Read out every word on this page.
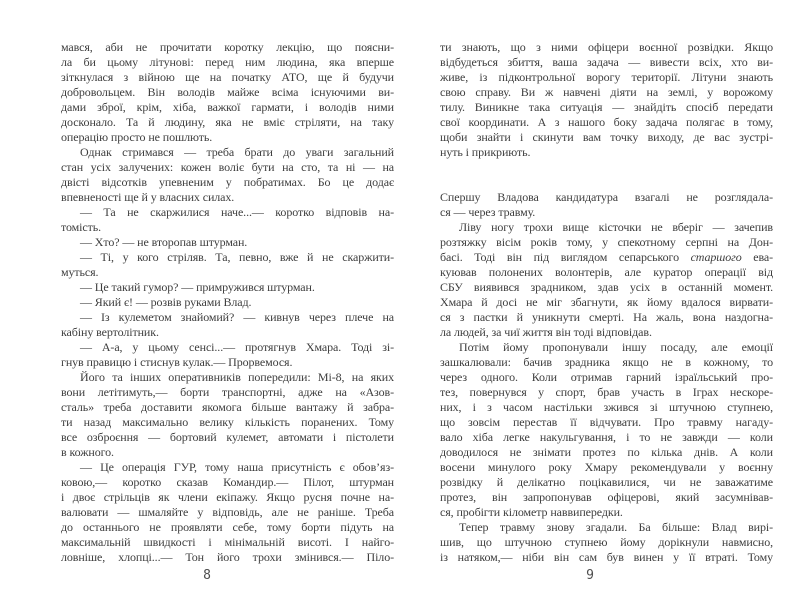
мався, аби не прочитати коротку лекцію, що поясни-
ла би цьому літунові: перед ним людина, яка вперше
зіткнулася з війною ще на початку АТО, ще й будучи
добровольцем. Він володів майже всіма існуючими ви-
дами зброї, крім, хіба, важкої гармати, і володів ними
досконало. Та й людину, яка не вміє стріляти, на таку
операцію просто не пошлють.
Однак стримався — треба брати до уваги загальний
стан усіх залучених: кожен воліє бути на сто, та ні — на
двісті відсотків упевненим у побратимах. Бо це додає
впевненості ще й у власних силах.
— Та не скаржилися наче...— коротко відповів на-
томість.
— Хто? — не второпав штурман.
— Ті, у кого стріляв. Та, певно, вже й не скаржити-
муться.
— Це такий гумор? — примружився штурман.
— Який є! — розвів руками Влад.
— Із кулеметом знайомий? — кивнув через плече на
кабіну вертолітник.
— А-а, у цьому сенсі...— протягнув Хмара. Тоді зі-
гнув правицю і стиснув кулак.— Прорвемося.
Його та інших оперативників попередили: Мі-8, на яких
вони летітимуть,— борти транспортні, адже на «Азов-
сталь» треба доставити якомога більше вантажу й забра-
ти назад максимально велику кількість поранених. Тому
все озброєння — бортовий кулемет, автомати і пістолети
в кожного.
— Це операція ГУР, тому наша присутність є обов’яз-
ковою,— коротко сказав Командир.— Пілот, штурман
і двоє стрільців як члени екіпажу. Якщо русня почне на-
валювати — шмаляйте у відповідь, але не раніше. Треба
до останнього не проявляти себе, тому борти підуть на
максимальній швидкості і мінімальній висоті. І найго-
ловніше, хлопці...— Тон його трохи змінився.— Піло-
8
ти знають, що з ними офіцери воєнної розвідки. Якщо
відбудеться збиття, ваша задача — вивести всіх, хто ви-
живе, із підконтрольної ворогу території. Літуни знають
свою справу. Ви ж навчені діяти на землі, у ворожому
тилу. Виникне така ситуація — знайдіть спосіб передати
свої координати. А з нашого боку задача полягає в тому,
щоби знайти і скинути вам точку виходу, де вас зустрі-
нуть і прикриють.
Спершу Владова кандидатура взагалі не розглядала-
ся — через травму.
Ліву ногу трохи вище кісточки не вберіг — зачепив
розтяжку вісім років тому, у спекотному серпні на Дон-
басі. Тоді він під виглядом сепарського старшого ева-
куював полонених волонтерів, але куратор операції від
СБУ виявився зрадником, здав усіх в останній момент.
Хмара й досі не міг збагнути, як йому вдалося вирвати-
ся з пастки й уникнути смерті. На жаль, вона наздогна-
ла людей, за чиї життя він тоді відповідав.
Потім йому пропонували іншу посаду, але емоції
зашкалювали: бачив зрадника якщо не в кожному, то
через одного. Коли отримав гарний ізраїльський про-
тез, повернувся у спорт, брав участь в Іграх нескоре-
них, і з часом настільки зжився зі штучною ступнею,
що зовсім перестав її відчувати. Про травму нагаду-
вало хіба легке накульгування, і то не завжди — коли
доводилося не знімати протез по кілька днів. А коли
восени минулого року Хмару рекомендували у воєнну
розвідку й делікатно поцікавилися, чи не заважатиме
протез, він запропонував офіцерові, який засумнівав-
ся, пробігти кілометр наввипередки.
Тепер травму знову згадали. Ба більше: Влад вирі-
шив, що штучною ступнею йому дорікнули навмисно,
із натяком,— ніби він сам був винен у її втраті. Тому
9
